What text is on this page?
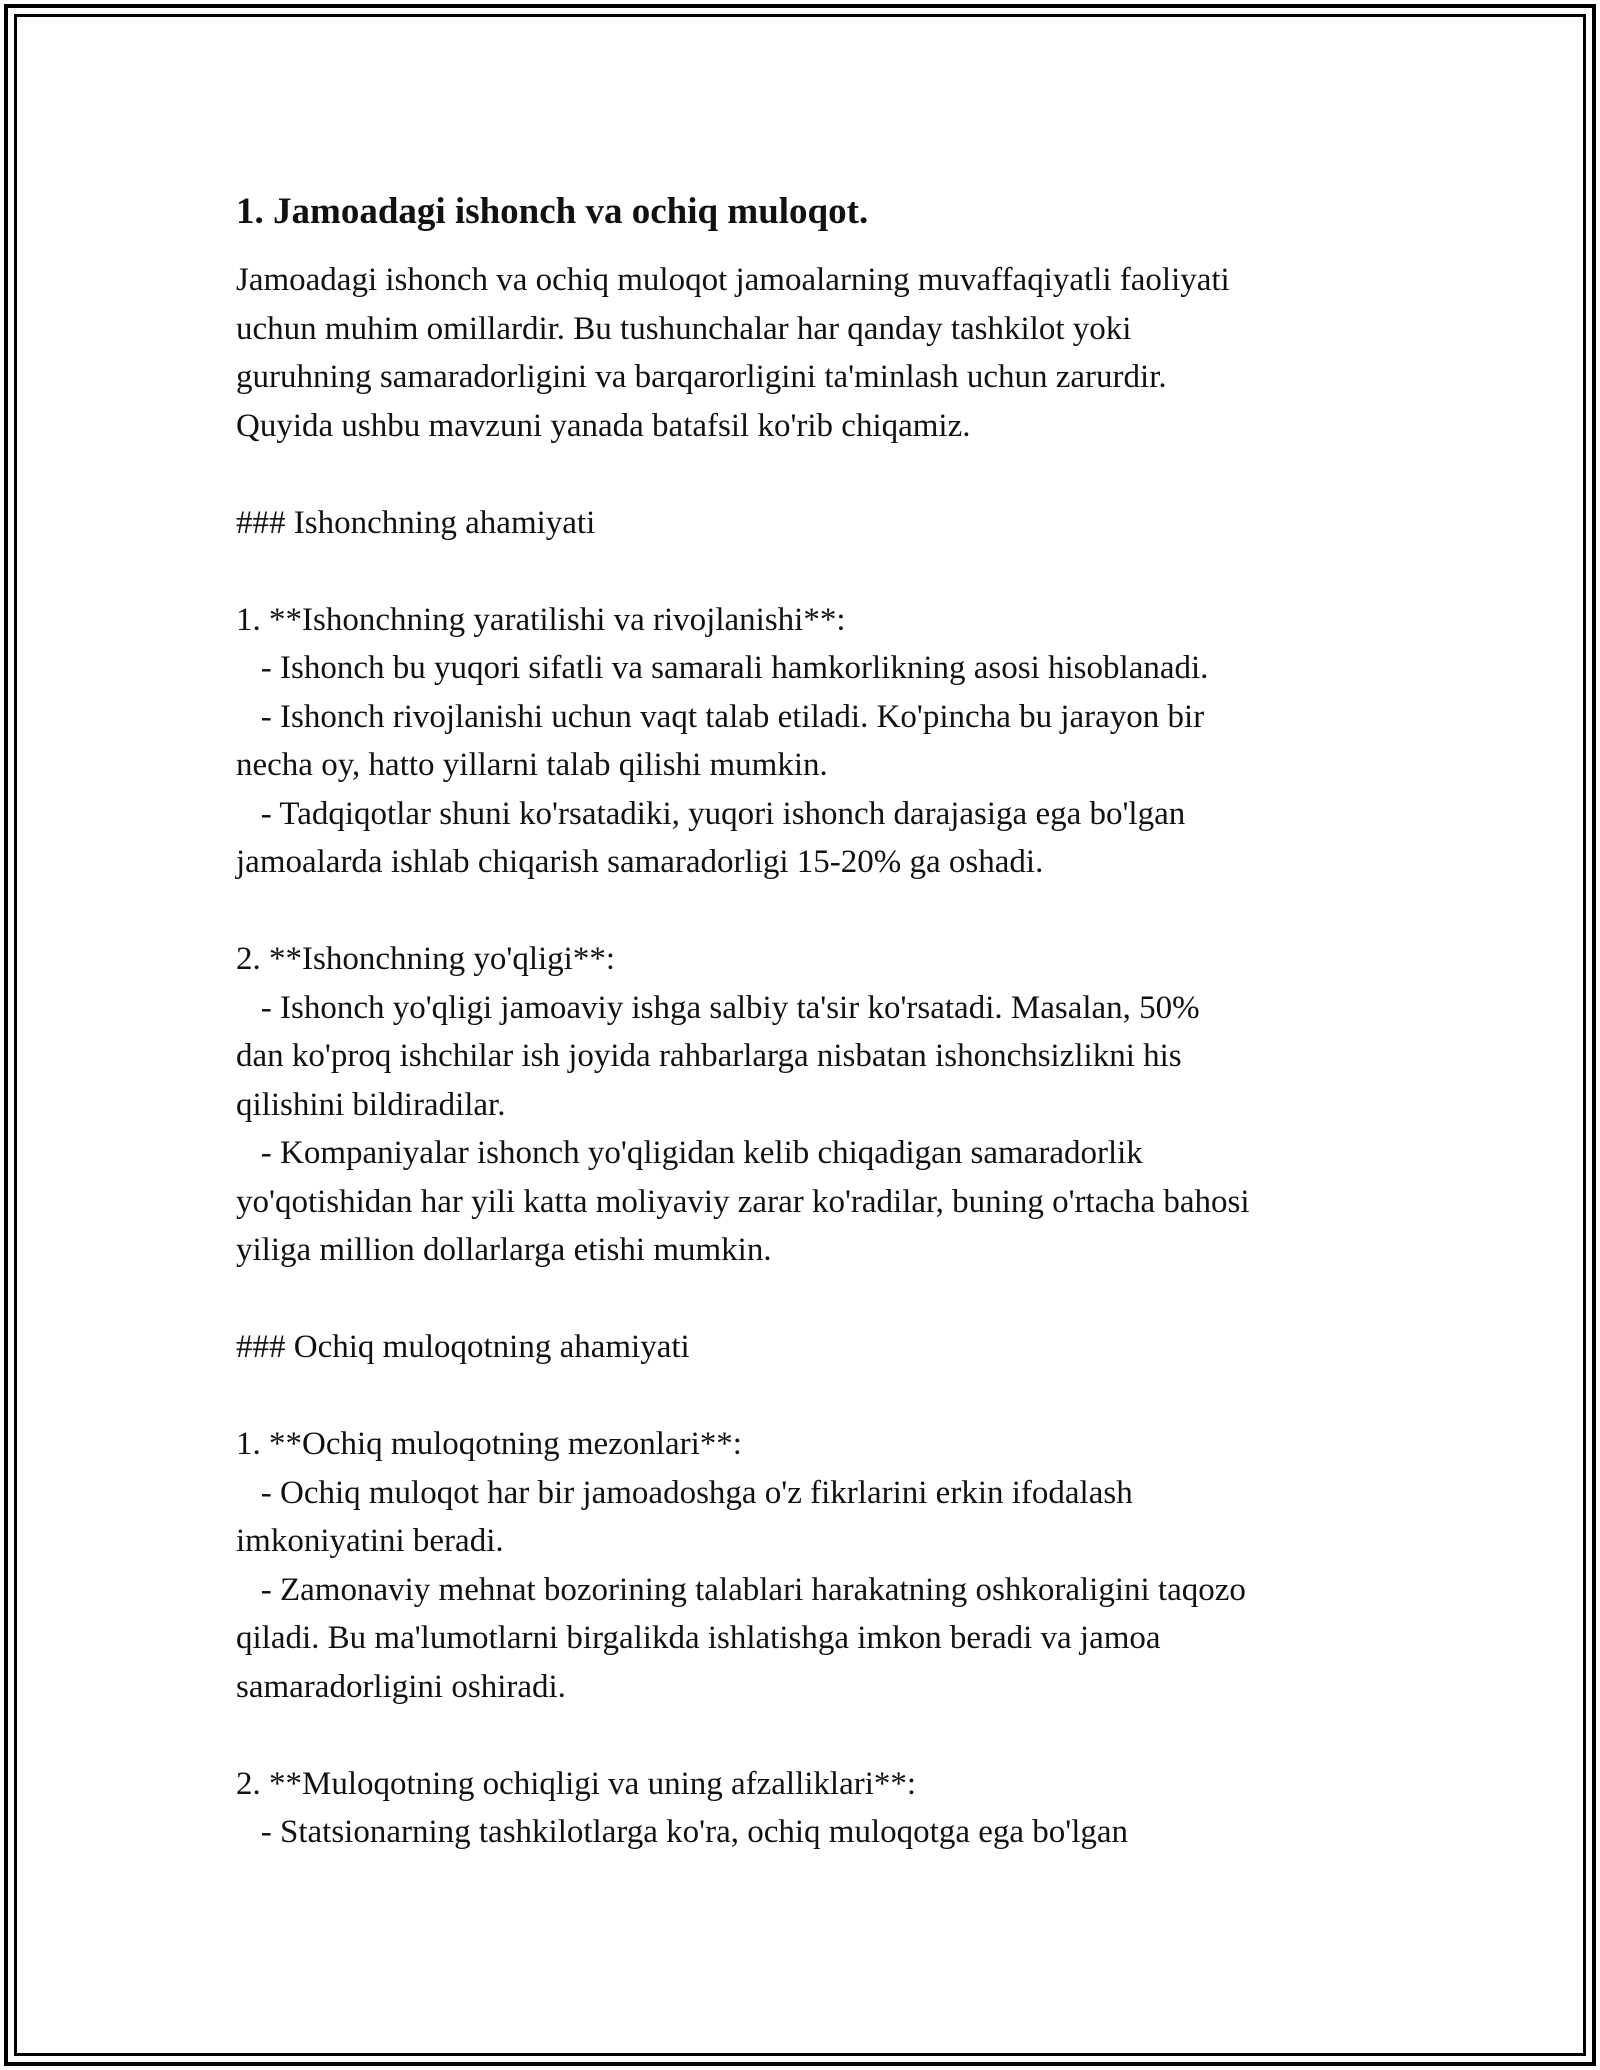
1. Jamoadagi ishonch va ochiq muloqot.
Jamoadagi ishonch va ochiq muloqot jamoalarning muvaffaqiyatli faoliyati
uchun muhim omillardir. Bu tushunchalar har qanday tashkilot yoki
guruhning samaradorligini va barqarorligini ta'minlash uchun zarurdir.
Quyida ushbu mavzuni yanada batafsil ko'rib chiqamiz.
### Ishonchning ahamiyati
1. **Ishonchning yaratilishi va rivojlanishi**:
- Ishonch bu yuqori sifatli va samarali hamkorlikning asosi hisoblanadi.
- Ishonch rivojlanishi uchun vaqt talab etiladi. Ko'pincha bu jarayon bir
necha oy, hatto yillarni talab qilishi mumkin.
- Tadqiqotlar shuni ko'rsatadiki, yuqori ishonch darajasiga ega bo'lgan
jamoalarda ishlab chiqarish samaradorligi 15-20% ga oshadi.
2. **Ishonchning yo'qligi**:
- Ishonch yo'qligi jamoaviy ishga salbiy ta'sir ko'rsatadi. Masalan, 50%
dan ko'proq ishchilar ish joyida rahbarlarga nisbatan ishonchsizlikni his
qilishini bildiradilar.
- Kompaniyalar ishonch yo'qligidan kelib chiqadigan samaradorlik
yo'qotishidan har yili katta moliyaviy zarar ko'radilar, buning o'rtacha bahosi
yiliga million dollarlarga etishi mumkin.
### Ochiq muloqotning ahamiyati
1. **Ochiq muloqotning mezonlari**:
- Ochiq muloqot har bir jamoadoshga o'z fikrlarini erkin ifodalash
imkoniyatini beradi.
- Zamonaviy mehnat bozorining talablari harakatning oshkoraligini taqozo
qiladi. Bu ma'lumotlarni birgalikda ishlatishga imkon beradi va jamoa
samaradorligini oshiradi.
2. **Muloqotning ochiqligi va uning afzalliklari**:
- Statsionarning tashkilotlarga ko'ra, ochiq muloqotga ega bo'lgan
